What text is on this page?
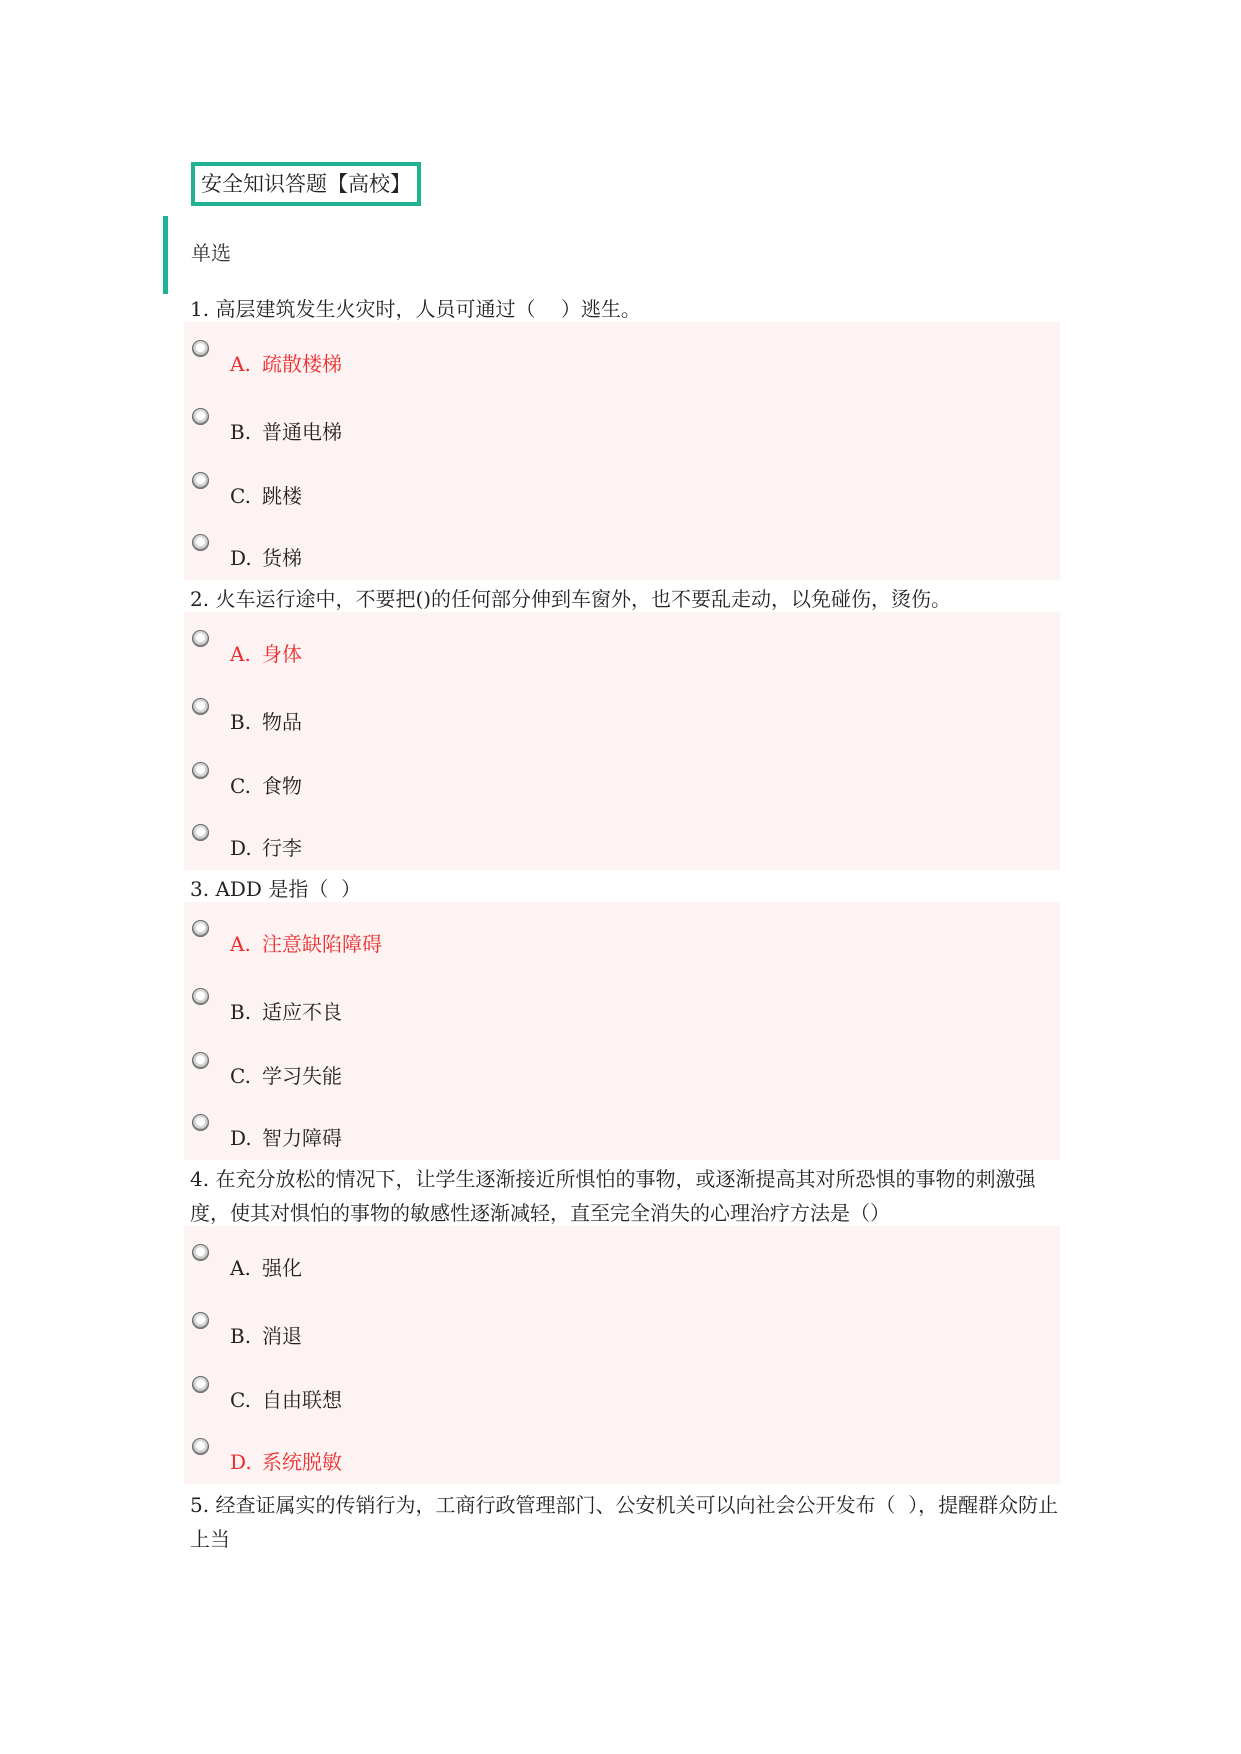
安全知识答题【高校】
单选
1. 高层建筑发生火灾时，人员可通过（    ）逃生。
A. 疏散楼梯
B. 普通电梯
C. 跳楼
D. 货梯
2. 火车运行途中，不要把()的任何部分伸到车窗外，也不要乱走动，以免碰伤，烫伤。
A. 身体
B. 物品
C. 食物
D. 行李
3. ADD 是指（  ）
A. 注意缺陷障碍
B. 适应不良
C. 学习失能
D. 智力障碍
4. 在充分放松的情况下，让学生逐渐接近所惧怕的事物，或逐渐提高其对所恐惧的事物的刺激强度，使其对惧怕的事物的敏感性逐渐减轻，直至完全消失的心理治疗方法是（）
A. 强化
B. 消退
C. 自由联想
D. 系统脱敏
5. 经查证属实的传销行为，工商行政管理部门、公安机关可以向社会公开发布（  ），提醒群众防止上当
